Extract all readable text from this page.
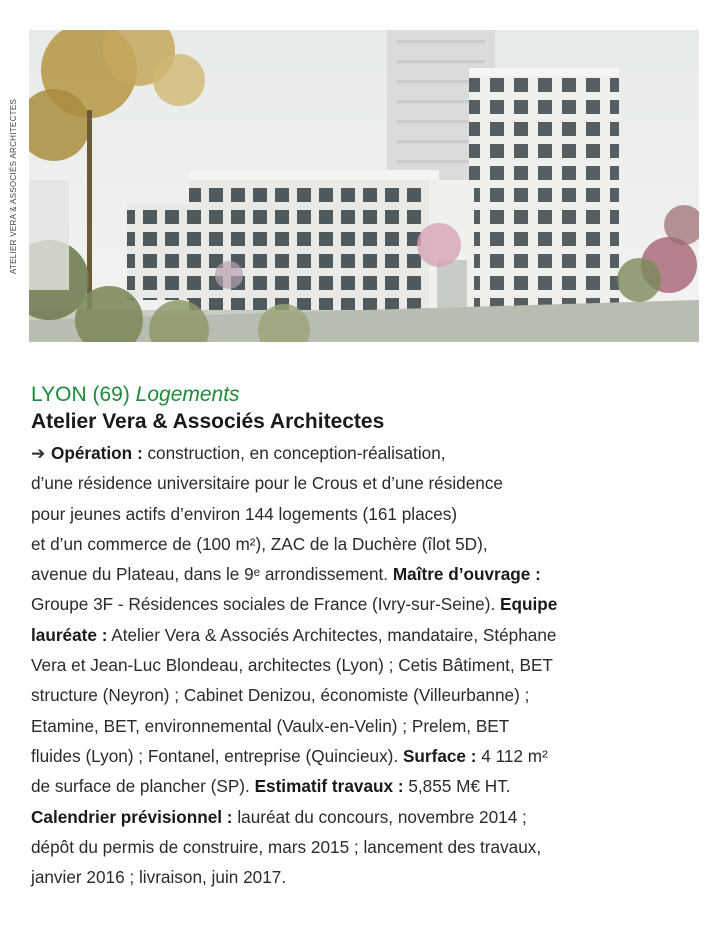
ATELIER VERA & ASSOCIÉS ARCHITECTES
LYON (69) Logements
Atelier Vera & Associés Architectes
➔ Opération : construction, en conception-réalisation,
d’une résidence universitaire pour le Crous et d’une résidence
pour jeunes actifs d’environ 144 logements (161 places)
et d’un commerce de (100 m²), ZAC de la Duchère (îlot 5D),
avenue du Plateau, dans le 9ᵉ arrondissement. Maître d’ouvrage :
Groupe 3F - Résidences sociales de France (Ivry-sur-Seine). Equipe
lauréate : Atelier Vera & Associés Architectes, mandataire, Stéphane
Vera et Jean-Luc Blondeau, architectes (Lyon) ; Cetis Bâtiment, BET
structure (Neyron) ; Cabinet Denizou, économiste (Villeurbanne) ;
Etamine, BET, environnemental (Vaulx-en-Velin) ; Prelem, BET
fluides (Lyon) ; Fontanel, entreprise (Quincieux). Surface : 4 112 m²
de surface de plancher (SP). Estimatif travaux : 5,855 M€ HT.
Calendrier prévisionnel : lauréat du concours, novembre 2014 ;
dépôt du permis de construire, mars 2015 ; lancement des travaux,
janvier 2016 ; livraison, juin 2017.
